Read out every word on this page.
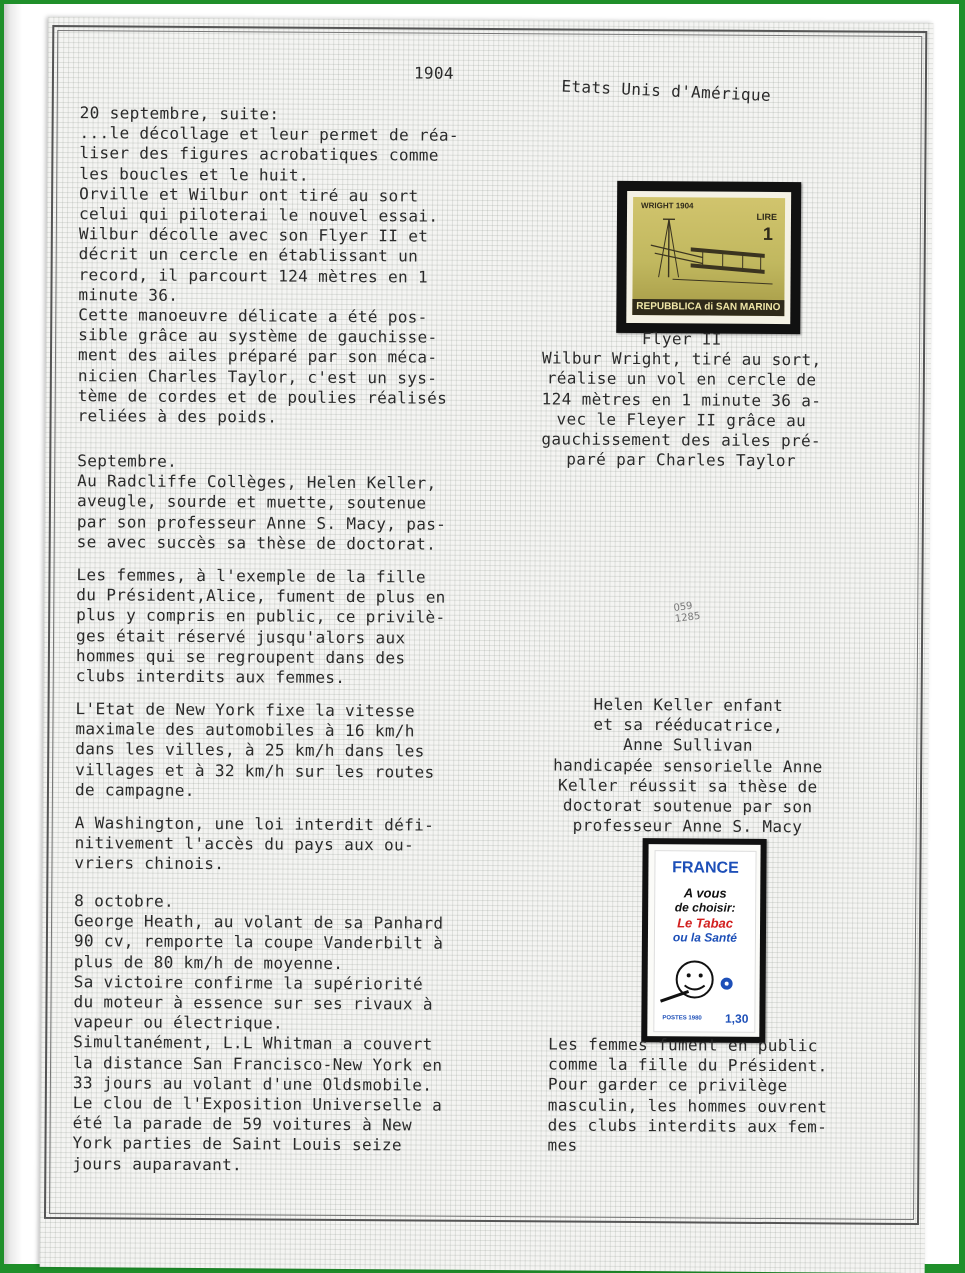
1904
Etats Unis d'Amérique
20 septembre, suite:
...le décollage et leur permet de réa-
liser des figures acrobatiques comme
les boucles et le huit.
Orville et Wilbur ont tiré au sort
celui qui piloterai le nouvel essai.
Wilbur décolle avec son Flyer II et
décrit un cercle en établissant un
record, il parcourt 124 mètres en 1
minute 36.
Cette manoeuvre délicate a été pos-
sible grâce au système de gauchisse-
ment des ailes préparé par son méca-
nicien Charles Taylor, c'est un sys-
tème de cordes et de poulies réalisés
reliées à des poids.
Septembre.
Au Radcliffe Collèges, Helen Keller,
aveugle, sourde et muette, soutenue
par son professeur Anne S. Macy, pas-
se avec succès sa thèse de doctorat.
Les femmes, à l'exemple de la fille
du Président,Alice, fument de plus en
plus y compris en public, ce privilè-
ges était réservé jusqu'alors aux
hommes qui se regroupent dans des
clubs interdits aux femmes.
L'Etat de New York fixe la vitesse
maximale des automobiles à 16 km/h
dans les villes, à 25 km/h dans les
villages et à 32 km/h sur les routes
de campagne.
A Washington, une loi interdit défi-
nitivement l'accès du pays aux ou-
vriers chinois.
8 octobre.
George Heath, au volant de sa Panhard
90 cv, remporte la coupe Vanderbilt à
plus de 80 km/h de moyenne.
Sa victoire confirme la supériorité
du moteur à essence sur ses rivaux à
vapeur ou électrique.
Simultanément, L.L Whitman a couvert
la distance San Francisco-New York en
33 jours au volant d'une Oldsmobile.
Le clou de l'Exposition Universelle a
été la parade de 59 voitures à New
York parties de Saint Louis seize
jours auparavant.
WRIGHT 1904
LIRE
1
REPUBBLICA di SAN MARINO
Flyer II
Wilbur Wright, tiré au sort,
réalise un vol en cercle de
124 mètres en 1 minute 36 a-
vec le Fleyer II grâce au
gauchissement des ailes pré-
paré par Charles Taylor
059
1285
Helen Keller enfant
et sa rééducatrice,
Anne Sullivan
handicapée sensorielle Anne
Keller réussit sa thèse de
doctorat soutenue par son
professeur Anne S. Macy
FRANCE
A vous
de choisir:
Le Tabac
ou la Santé
POSTES 1980 1,30
Les femmes fument en public
comme la fille du Président.
Pour garder ce privilège
masculin, les hommes ouvrent
des clubs interdits aux fem-
mes
